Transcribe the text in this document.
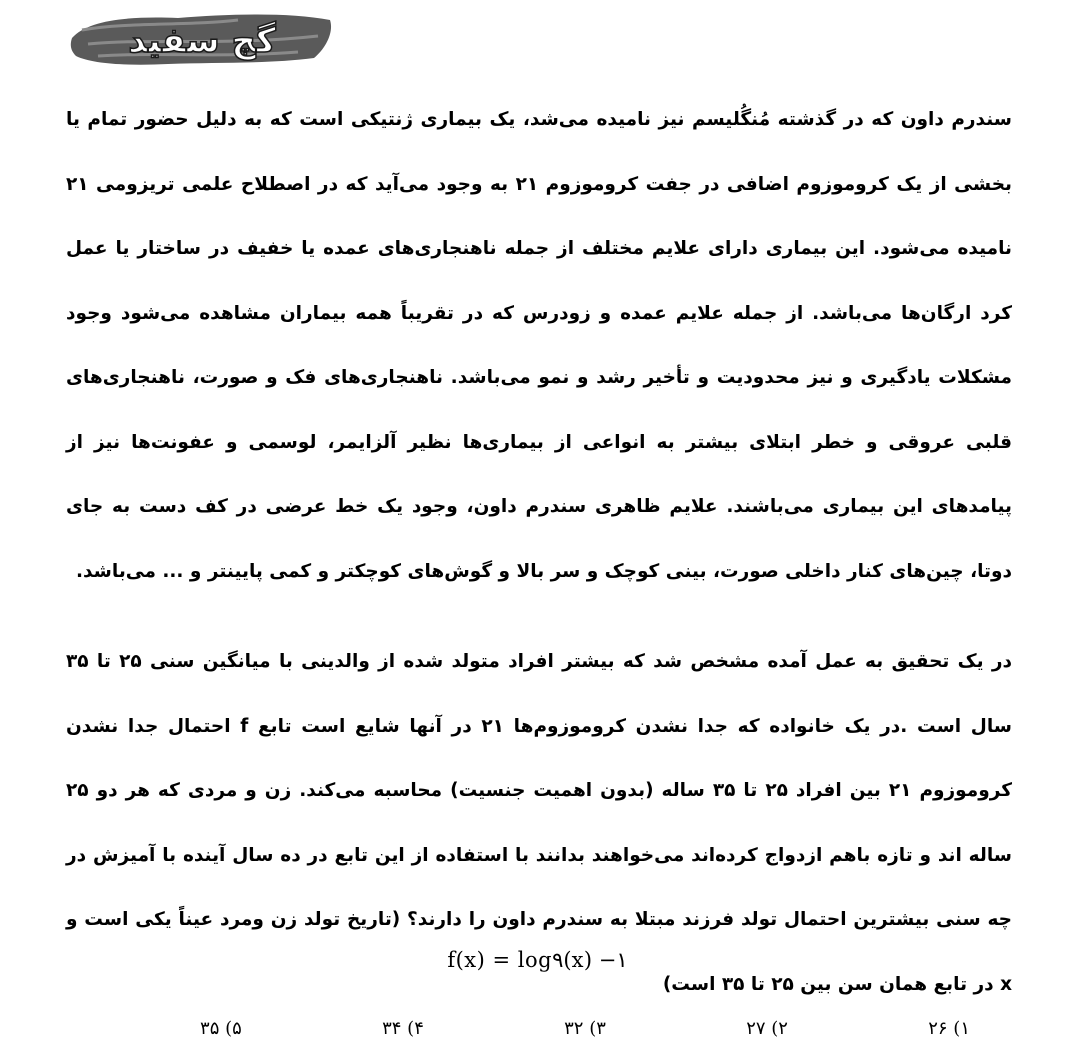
گچ سفید

سندرم داون که در گذشته مُنگُلیسم نیز نامیده می‌شد، یک بیماری ژنتیکی است که به دلیل حضور تمام یا بخشی از یک کروموزوم اضافی در جفت کروموزوم ۲۱ به وجود می‌آید که در اصطلاح علمی تریزومی ۲۱ نامیده می‌شود. این بیماری دارای علایم مختلف از جمله ناهنجاری‌های عمده یا خفیف در ساختار یا عمل کرد ارگان‌ها می‌باشد. از جمله علایم عمده و زودرس که در تقریباً همه بیماران مشاهده می‌شود وجود مشکلات یادگیری و نیز محدودیت و تأخیر رشد و نمو می‌باشد. ناهنجاری‌های فک و صورت، ناهنجاری‌های قلبی عروقی و خطر ابتلای بیشتر به انواعی از بیماری‌ها نظیر آلزایمر، لوسمی و عفونت‌ها نیز از پیامدهای این بیماری می‌باشند. علایم ظاهری سندرم داون، وجود یک خط عرضی در کف دست به جای دوتا، چین‌های کنار داخلی صورت، بینی کوچک و سر بالا و گوش‌های کوچکتر و کمی پایینتر و ... می‌باشد.

در یک تحقیق به عمل آمده مشخص شد که بیشتر افراد متولد شده از والدینی با میانگین سنی ۲۵ تا ۳۵ سال است .در یک خانواده که جدا نشدن کروموزوم‌ها ۲۱ در آنها شایع است تابع f احتمال جدا نشدن کروموزوم ۲۱ بین افراد ۲۵ تا ۳۵ ساله (بدون اهمیت جنسیت) محاسبه می‌کند. زن و مردی که هر دو ۲۵ ساله اند و تازه باهم ازدواج کرده‌اند می‌خواهند بدانند با استفاده از این تابع در ده سال آینده با آمیزش در چه سنی بیشترین احتمال تولد فرزند مبتلا به سندرم داون را دارند؟ (تاریخ تولد زن ومرد عیناً یکی است و x در تابع همان سن بین ۲۵ تا ۳۵ است)

f(x) = log۹(x) −۱
۱) ۲۶
۲) ۲۷
۳) ۳۲
۴) ۳۴
۵) ۳۵
